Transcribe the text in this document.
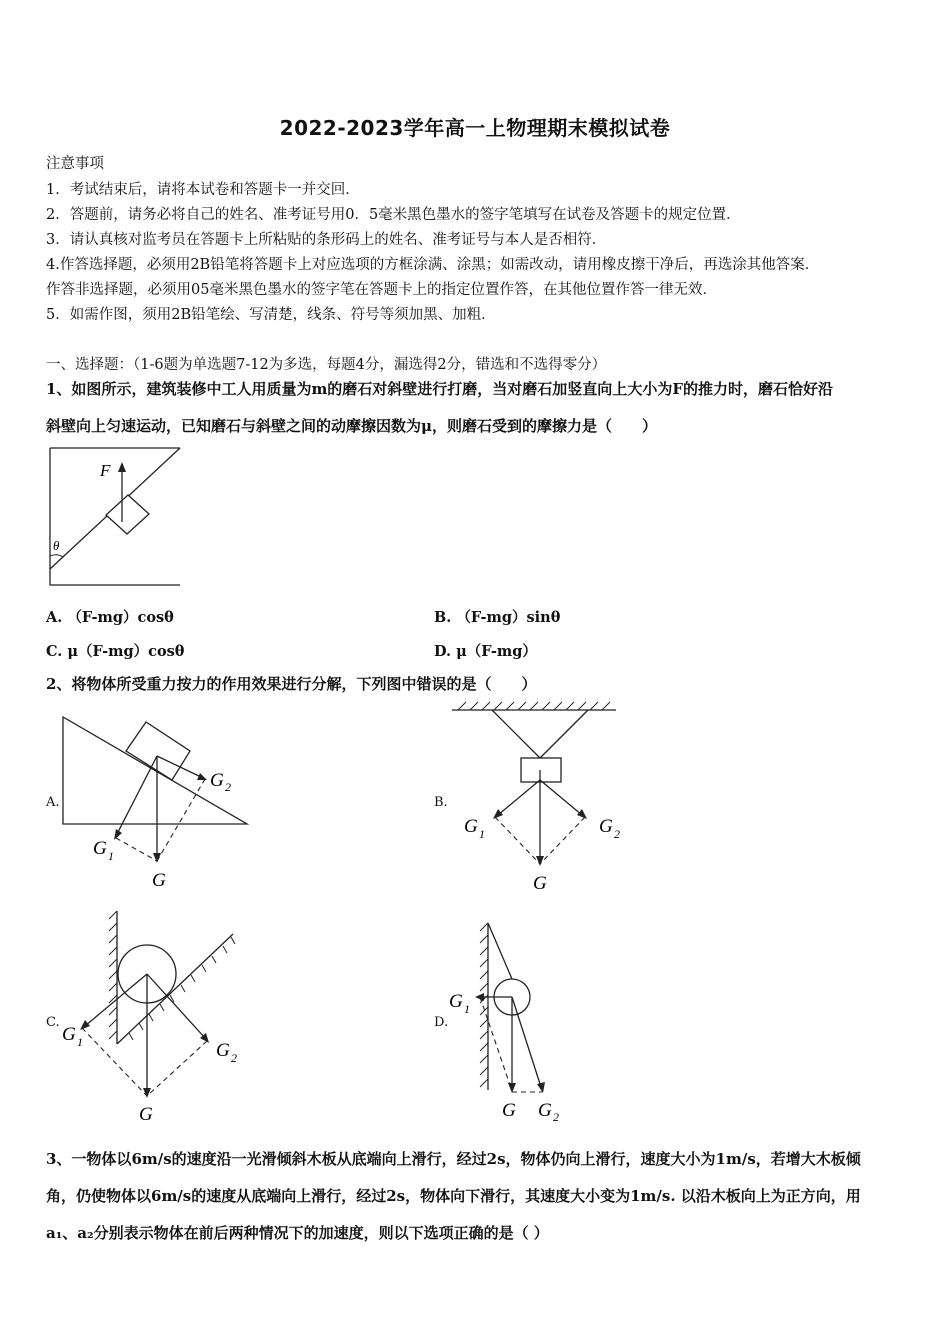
2022-2023学年高一上物理期末模拟试卷
注意事项
1．考试结束后，请将本试卷和答题卡一并交回．
2．答题前，请务必将自己的姓名、准考证号用0．5毫米黑色墨水的签字笔填写在试卷及答题卡的规定位置．
3．请认真核对监考员在答题卡上所粘贴的条形码上的姓名、准考证号与本人是否相符．
4.作答选择题，必须用2B铅笔将答题卡上对应选项的方框涂满、涂黑；如需改动，请用橡皮擦干净后，再选涂其他答案．
作答非选择题，必须用05毫米黑色墨水的签字笔在答题卡上的指定位置作答，在其他位置作答一律无效．
5．如需作图，须用2B铅笔绘、写清楚，线条、符号等须加黑、加粗．
一、选择题：（1-6题为单选题7-12为多选，每题4分，漏选得2分，错选和不选得零分）
1、如图所示，建筑装修中工人用质量为m的磨石对斜壁进行打磨，当对磨石加竖直向上大小为F的推力时，磨石恰好沿
斜壁向上匀速运动，已知磨石与斜壁之间的动摩擦因数为μ，则磨石受到的摩擦力是（　　）
F
θ
A. （F-mg）cosθ	B. （F-mg）sinθ
C. μ（F-mg）cosθ	D. μ（F-mg）
2、将物体所受重力按力的作用效果进行分解，下列图中错误的是（　　）
A.
G 2
G 1
G
B.
G 1	G 2
G
C.
G 1	G 2
G
D.
G 1
G G 2
3、一物体以6m/s的速度沿一光滑倾斜木板从底端向上滑行，经过2s，物体仍向上滑行，速度大小为1m/s，若增大木板倾
角，仍使物体以6m/s的速度从底端向上滑行，经过2s，物体向下滑行，其速度大小变为1m/s. 以沿木板向上为正方向，用
a₁、a₂分别表示物体在前后两种情况下的加速度，则以下选项正确的是（ ）
